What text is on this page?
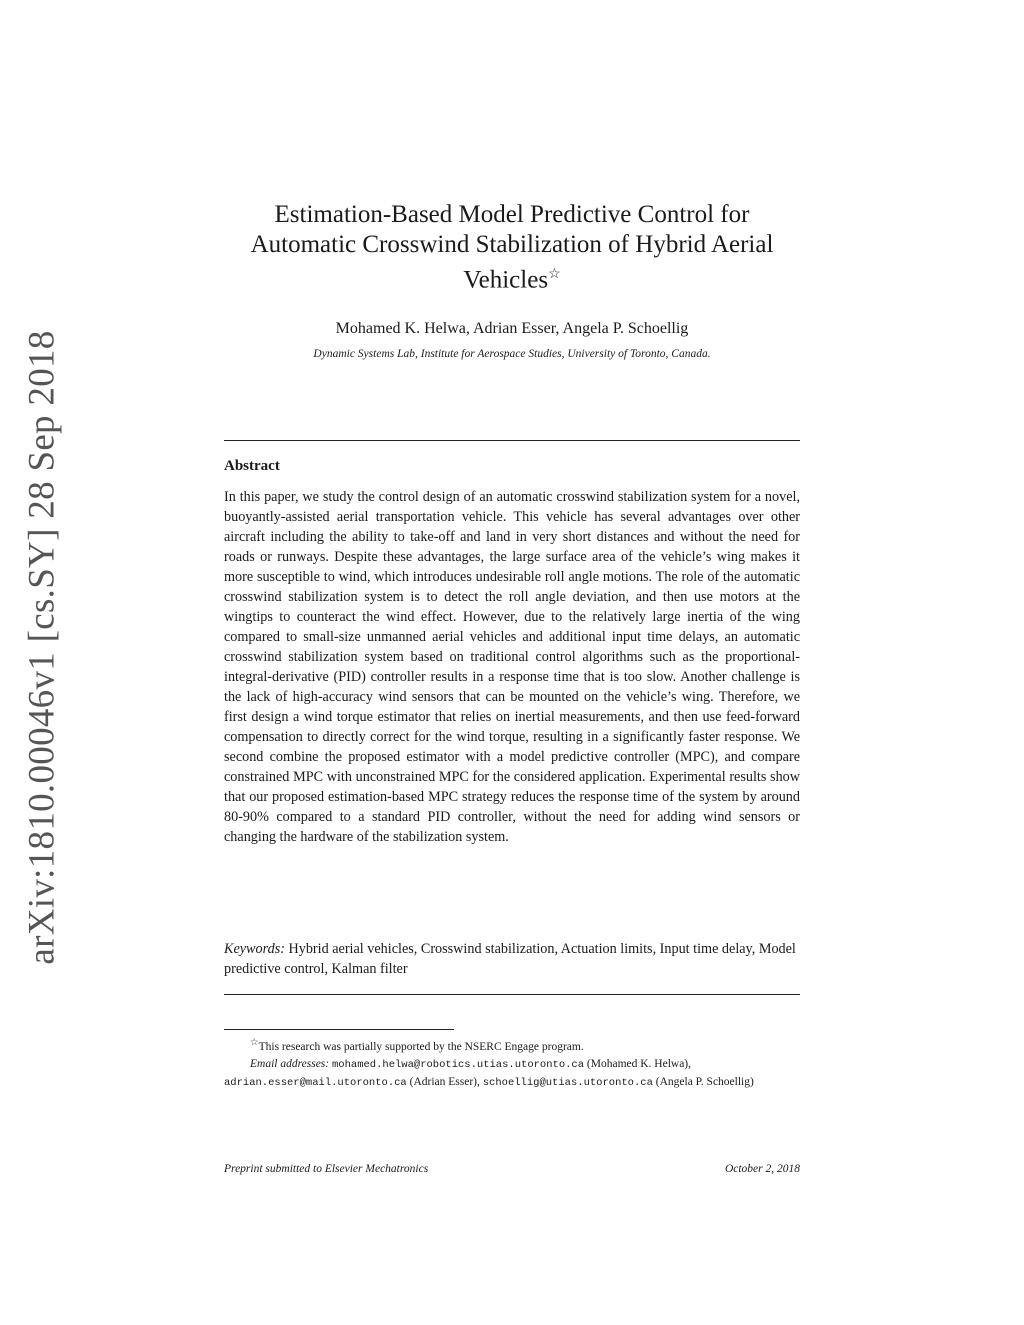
arXiv:1810.00046v1 [cs.SY] 28 Sep 2018
Estimation-Based Model Predictive Control for
Automatic Crosswind Stabilization of Hybrid Aerial
Vehicles☆
Mohamed K. Helwa, Adrian Esser, Angela P. Schoellig
Dynamic Systems Lab, Institute for Aerospace Studies, University of Toronto, Canada.
Abstract
In this paper, we study the control design of an automatic crosswind stabilization system for a novel, buoyantly-assisted aerial transportation vehicle. This vehicle has several advantages over other aircraft including the ability to take-off and land in very short distances and without the need for roads or runways. Despite these advantages, the large surface area of the vehicle’s wing makes it more susceptible to wind, which introduces undesirable roll angle motions. The role of the automatic crosswind stabilization system is to detect the roll angle deviation, and then use motors at the wingtips to counteract the wind effect. However, due to the relatively large inertia of the wing compared to small-size unmanned aerial vehicles and additional input time delays, an automatic crosswind stabilization system based on traditional control algorithms such as the proportional-integral-derivative (PID) controller results in a response time that is too slow. Another challenge is the lack of high-accuracy wind sensors that can be mounted on the vehicle’s wing. Therefore, we first design a wind torque estimator that relies on inertial measurements, and then use feed-forward compensation to directly correct for the wind torque, resulting in a significantly faster response. We second combine the proposed estimator with a model predictive controller (MPC), and compare constrained MPC with unconstrained MPC for the considered application. Experimental results show that our proposed estimation-based MPC strategy reduces the response time of the system by around 80-90% compared to a standard PID controller, without the need for adding wind sensors or changing the hardware of the stabilization system.
Keywords: Hybrid aerial vehicles, Crosswind stabilization, Actuation limits, Input time delay, Model predictive control, Kalman filter

☆This research was partially supported by the NSERC Engage program.

Email addresses: mohamed.helwa@robotics.utias.utoronto.ca (Mohamed K. Helwa), adrian.esser@mail.utoronto.ca (Adrian Esser), schoellig@utias.utoronto.ca (Angela P. Schoellig)

Preprint submitted to Elsevier Mechatronics	October 2, 2018
